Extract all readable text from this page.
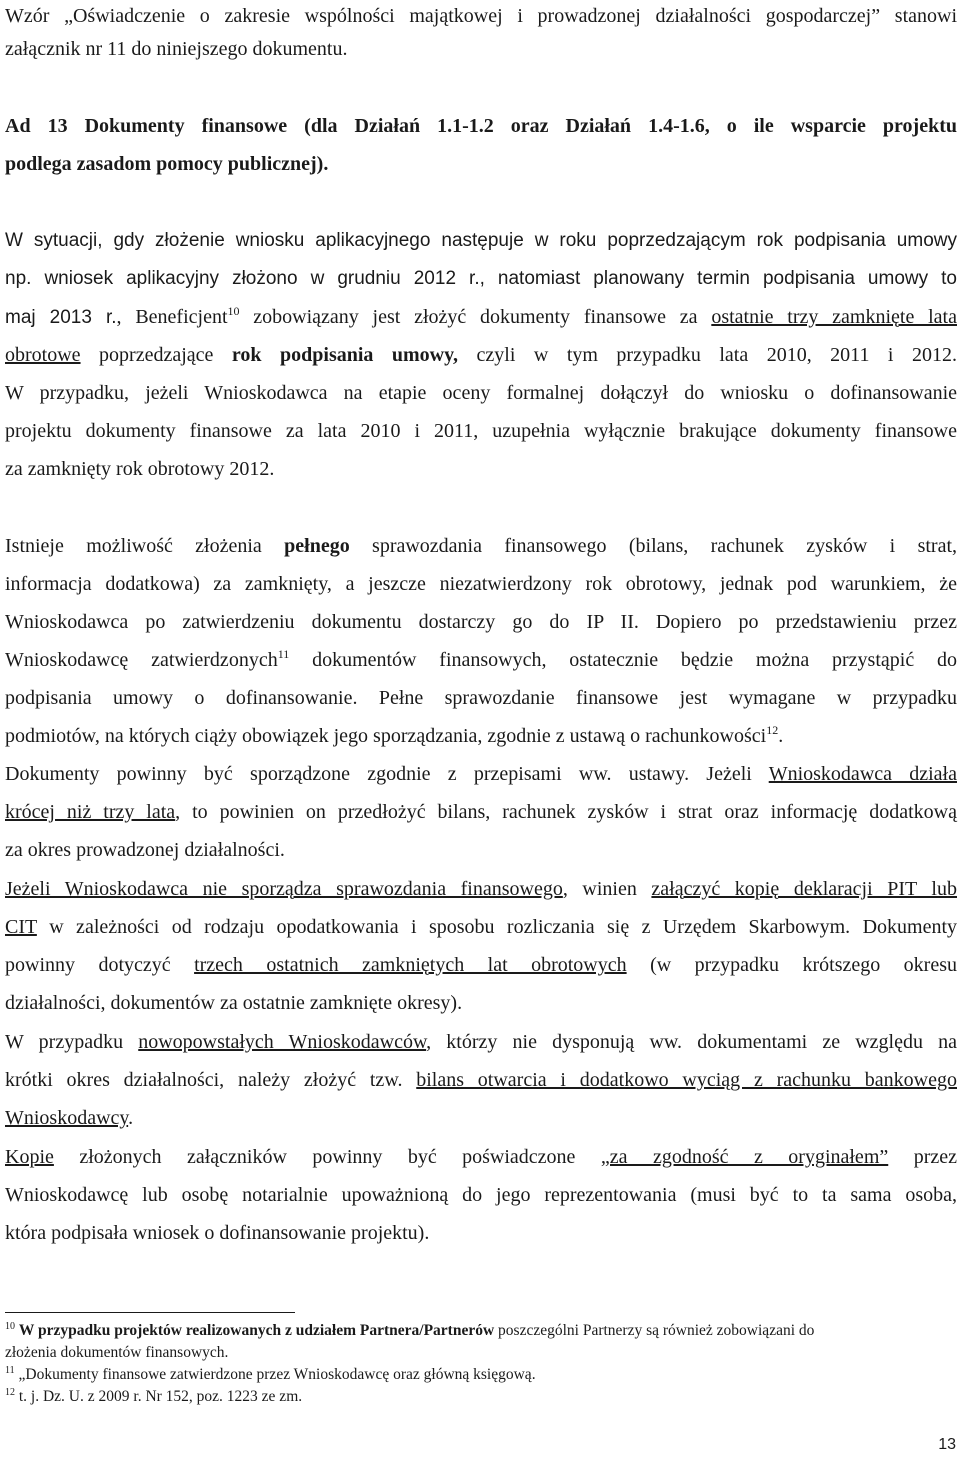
Wzór „Oświadczenie o zakresie wspólności majątkowej i prowadzonej działalności gospodarczej” stanowi
załącznik nr 11 do niniejszego dokumentu.
Ad 13 Dokumenty finansowe (dla Działań 1.1-1.2 oraz Działań 1.4-1.6, o ile wsparcie projektu
podlega zasadom pomocy publicznej).
W sytuacji, gdy złożenie wniosku aplikacyjnego następuje w roku poprzedzającym rok podpisania umowy
np. wniosek aplikacyjny złożono w grudniu 2012 r., natomiast planowany termin podpisania umowy to
maj 2013 r., Beneficjent$^{10}$ zobowiązany jest złożyć dokumenty finansowe za ostatnie trzy zamknięte lata
obrotowe poprzedzające rok podpisania umowy, czyli w tym przypadku lata 2010, 2011 i 2012.
W przypadku, jeżeli Wnioskodawca na etapie oceny formalnej dołączył do wniosku o dofinansowanie
projektu dokumenty finansowe za lata 2010 i 2011, uzupełnia wyłącznie brakujące dokumenty finansowe
za zamknięty rok obrotowy 2012.
Istnieje możliwość złożenia pełnego sprawozdania finansowego (bilans, rachunek zysków i strat,
informacja dodatkowa) za zamknięty, a jeszcze niezatwierdzony rok obrotowy, jednak pod warunkiem, że
Wnioskodawca po zatwierdzeniu dokumentu dostarczy go do IP II. Dopiero po przedstawieniu przez
Wnioskodawcę zatwierdzonych$^{11}$ dokumentów finansowych, ostatecznie będzie można przystąpić do
podpisania umowy o dofinansowanie. Pełne sprawozdanie finansowe jest wymagane w przypadku
podmiotów, na których ciąży obowiązek jego sporządzania, zgodnie z ustawą o rachunkowości$^{12}$.
Dokumenty powinny być sporządzone zgodnie z przepisami ww. ustawy. Jeżeli Wnioskodawca działa
krócej niż trzy lata, to powinien on przedłożyć bilans, rachunek zysków i strat oraz informację dodatkową
za okres prowadzonej działalności.
Jeżeli Wnioskodawca nie sporządza sprawozdania finansowego, winien załączyć kopię deklaracji PIT lub
CIT w zależności od rodzaju opodatkowania i sposobu rozliczania się z Urzędem Skarbowym. Dokumenty
powinny dotyczyć trzech ostatnich zamkniętych lat obrotowych (w przypadku krótszego okresu
działalności, dokumentów za ostatnie zamknięte okresy).
W przypadku nowopowstałych Wnioskodawców, którzy nie dysponują ww. dokumentami ze względu na
krótki okres działalności, należy złożyć tzw. bilans otwarcia i dodatkowo wyciąg z rachunku bankowego
Wnioskodawcy.
Kopie złożonych załączników powinny być poświadczone „za zgodność z oryginałem” przez
Wnioskodawcę lub osobę notarialnie upoważnioną do jego reprezentowania (musi być to ta sama osoba,
która podpisała wniosek o dofinansowanie projektu).
$^{10}$ W przypadku projektów realizowanych z udziałem Partnera/Partnerów poszczególni Partnerzy są również zobowiązani do
złożenia dokumentów finansowych.
$^{11}$ „Dokumenty finansowe zatwierdzone przez Wnioskodawcę oraz główną księgową.
$^{12}$ t. j. Dz. U. z 2009 r. Nr 152, poz. 1223 ze zm.
13
